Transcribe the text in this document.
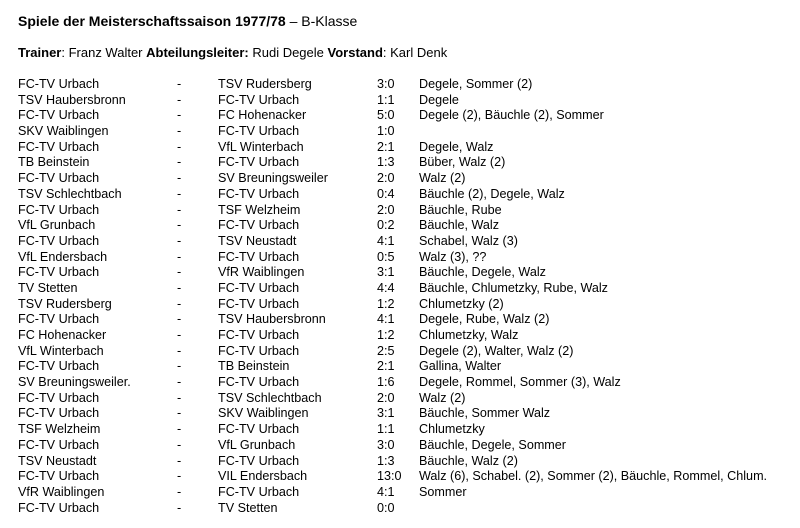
Spiele der Meisterschaftssaison 1977/78 – B-Klasse
Trainer: Franz Walter Abteilungsleiter: Rudi Degele Vorstand: Karl Denk
FC-TV Urbach	-	TSV Rudersberg	3:0 Degele, Sommer (2)
TSV Haubersbronn	-	FC-TV Urbach	1:1 Degele
FC-TV Urbach	-	FC Hohenacker	5:0 Degele (2), Bäuchle (2), Sommer
SKV Waiblingen	-	FC-TV Urbach	1:0
FC-TV Urbach	-	VfL Winterbach	2:1 Degele, Walz
TB Beinstein	-	FC-TV Urbach	1:3 Büber, Walz (2)
FC-TV Urbach	-	SV Breuningsweiler	2:0 Walz (2)
TSV Schlechtbach	-	FC-TV Urbach	0:4 Bäuchle (2), Degele, Walz
FC-TV Urbach	-	TSF Welzheim	2:0 Bäuchle, Rube
VfL Grunbach	-	FC-TV Urbach	0:2 Bäuchle, Walz
FC-TV Urbach	-	TSV Neustadt	4:1 Schabel, Walz (3)
VfL Endersbach	-	FC-TV Urbach	0:5 Walz (3), ??
FC-TV Urbach	-	VfR Waiblingen	3:1 Bäuchle, Degele, Walz
TV Stetten	-	FC-TV Urbach	4:4 Bäuchle, Chlumetzky, Rube, Walz
TSV Rudersberg	-	FC-TV Urbach	1:2 Chlumetzky (2)
FC-TV Urbach	-	TSV Haubersbronn	4:1 Degele, Rube, Walz (2)
FC Hohenacker	-	FC-TV Urbach	1:2 Chlumetzky, Walz
VfL Winterbach	-	FC-TV Urbach	2:5 Degele (2), Walter, Walz (2)
FC-TV Urbach	-	TB Beinstein	2:1 Gallina, Walter
SV Breuningsweiler.	-	FC-TV Urbach	1:6 Degele, Rommel, Sommer (3), Walz
FC-TV Urbach	-	TSV Schlechtbach	2:0 Walz (2)
FC-TV Urbach	-	SKV Waiblingen	3:1 Bäuchle, Sommer Walz
TSF Welzheim	-	FC-TV Urbach	1:1 Chlumetzky
FC-TV Urbach	-	VfL Grunbach	3:0 Bäuchle, Degele, Sommer
TSV Neustadt	-	FC-TV Urbach	1:3 Bäuchle, Walz (2)
FC-TV Urbach	-	VIL Endersbach	13:0 Walz (6), Schabel. (2), Sommer (2), Bäuchle, Rommel, Chlum.
VfR Waiblingen	-	FC-TV Urbach	4:1 Sommer
FC-TV Urbach	-	TV Stetten	0:0
